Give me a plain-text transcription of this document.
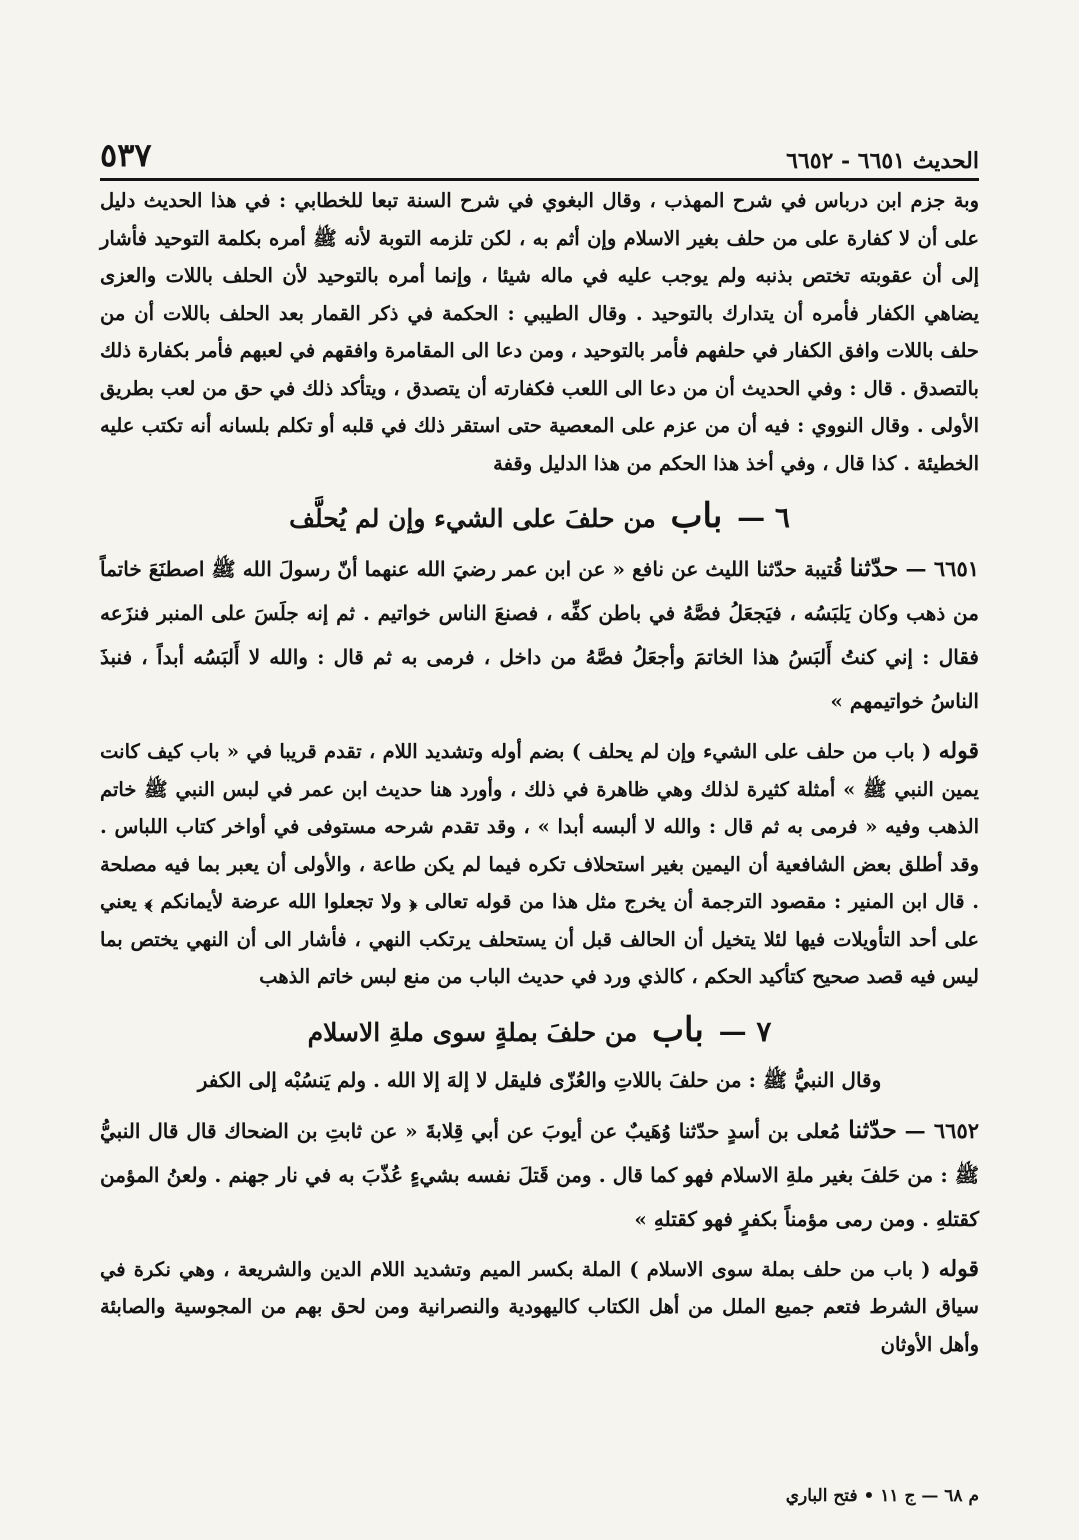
الحديث ٦٦٥١ - ٦٦٥٢
٥٣٧

وبة جزم ابن درباس في شرح المهذب ، وقال البغوي في شرح السنة تبعا للخطابي : في هذا الحديث دليل على أن لا كفارة على من حلف بغير الاسلام وإن أثم به ، لكن تلزمه التوبة لأنه ﷺ أمره بكلمة التوحيد فأشار إلى أن عقوبته تختص بذنبه ولم يوجب عليه في ماله شيئا ، وإنما أمره بالتوحيد لأن الحلف باللات والعزى يضاهي الكفار فأمره أن يتدارك بالتوحيد . وقال الطيبي : الحكمة في ذكر القمار بعد الحلف باللات أن من حلف باللات وافق الكفار في حلفهم فأمر بالتوحيد ، ومن دعا الى المقامرة وافقهم في لعبهم فأمر بكفارة ذلك بالتصدق . قال : وفي الحديث أن من دعا الى اللعب فكفارته أن يتصدق ، ويتأكد ذلك في حق من لعب بطريق الأولى . وقال النووي : فيه أن من عزم على المعصية حتى استقر ذلك في قلبه أو تكلم بلسانه أنه تكتب عليه الخطيئة . كذا قال ، وفي أخذ هذا الحكم من هذا الدليل وقفة

٦ — باب من حلفَ على الشيء وإن لم يُحلَّف

٦٦٥١ — حدّثنا قُتيبة حدّثنا الليث عن نافع « عن ابن عمر رضيَ الله عنهما أنّ رسولَ الله ﷺ اصطنَعَ خاتماً من ذهب وكان يَلبَسُه ، فيَجعَلُ فصَّهُ في باطن كفِّه ، فصنعَ الناس خواتيم . ثم إنه جلَسَ على المنبر فنزَعه فقال : إني كنتُ أَلبَسُ هذا الخاتمَ وأجعَلُ فصَّهُ من داخل ، فرمى به ثم قال : والله لا أَلبَسُه أبداً ، فنبذَ الناسُ خواتيمهم »

قوله ( باب من حلف على الشيء وإن لم يحلف ) بضم أوله وتشديد اللام ، تقدم قريبا في « باب كيف كانت يمين النبي ﷺ » أمثلة كثيرة لذلك وهي ظاهرة في ذلك ، وأورد هنا حديث ابن عمر في لبس النبي ﷺ خاتم الذهب وفيه « فرمى به ثم قال : والله لا ألبسه أبدا » ، وقد تقدم شرحه مستوفى في أواخر كتاب اللباس . وقد أطلق بعض الشافعية أن اليمين بغير استحلاف تكره فيما لم يكن طاعة ، والأولى أن يعبر بما فيه مصلحة . قال ابن المنير : مقصود الترجمة أن يخرج مثل هذا من قوله تعالى ﴿ ولا تجعلوا الله عرضة لأيمانكم ﴾ يعني على أحد التأويلات فيها لئلا يتخيل أن الحالف قبل أن يستحلف يرتكب النهي ، فأشار الى أن النهي يختص بما ليس فيه قصد صحيح كتأكيد الحكم ، كالذي ورد في حديث الباب من منع لبس خاتم الذهب

٧ — باب من حلفَ بملةٍ سوى ملةِ الاسلام
وقال النبيُّ ﷺ : من حلفَ باللاتِ والعُزّى فليقل لا إلهَ إلا الله . ولم يَنسُبْه إلى الكفر

٦٦٥٢ — حدّثنا مُعلى بن أسدٍ حدّثنا وُهَيبٌ عن أيوبَ عن أبي قِلابةَ « عن ثابتِ بن الضحاك قال قال النبيُّ ﷺ : من حَلفَ بغير ملةِ الاسلام فهو كما قال . ومن قَتلَ نفسه بشيءٍ عُذّبَ به في نار جهنم . ولعنُ المؤمن كقتلهِ . ومن رمى مؤمناً بكفرٍ فهو كقتلهِ »

قوله ( باب من حلف بملة سوى الاسلام ) الملة بكسر الميم وتشديد اللام الدين والشريعة ، وهي نكرة في سياق الشرط فتعم جميع الملل من أهل الكتاب كاليهودية والنصرانية ومن لحق بهم من المجوسية والصابئة وأهل الأوثان

م ٦٨ — ج ١١ • فتح الباري
